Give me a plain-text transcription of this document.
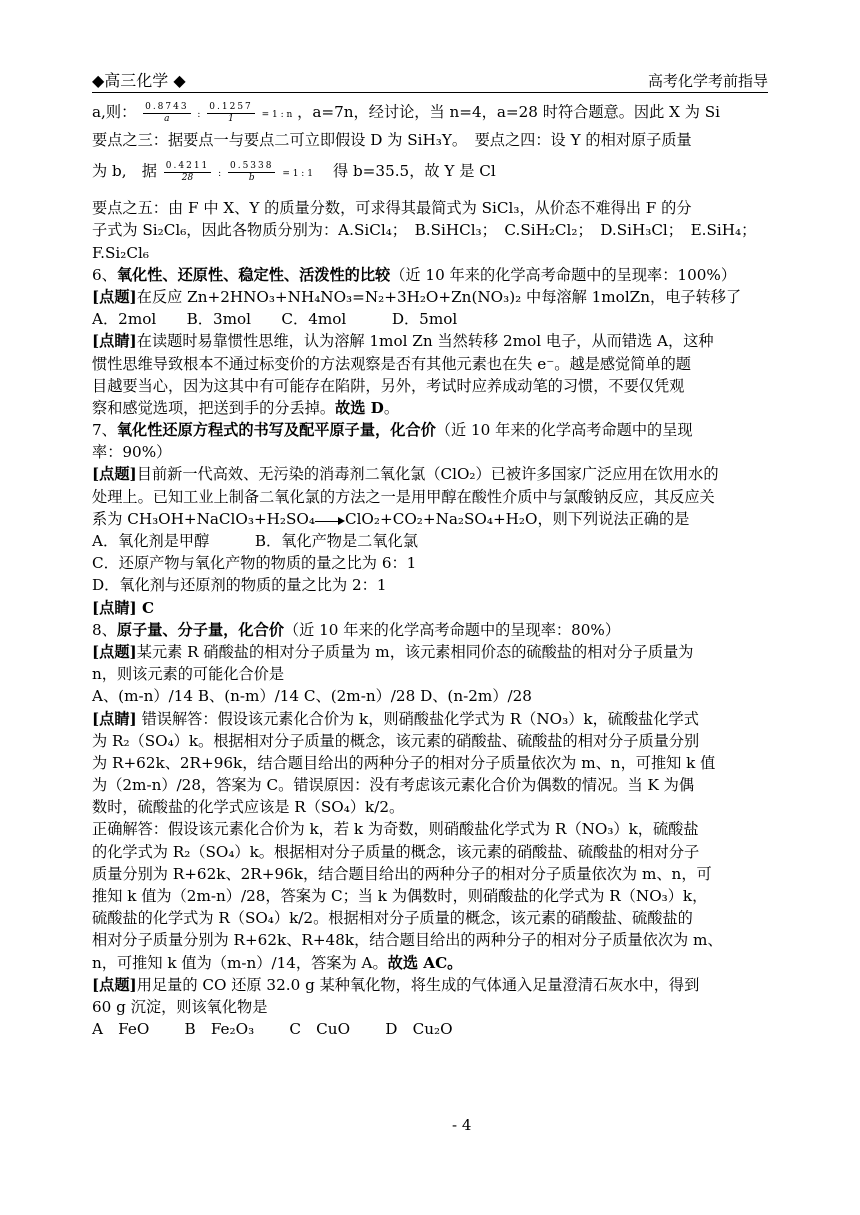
◆高三化学 ◆	高考化学考前指导
a,则： $\frac{0.8743}{a}$ : $\frac{0.1257}{1} = 1$ : n ，a=7n，经讨论，当 n=4，a=28 时符合题意。因此 X 为 Si
要点之三：据要点一与要点二可立即假设 D 为 SiH₃Y。　要点之四：设 Y 的相对原子质量
为 b,　据 $\frac{0.4211}{28}$ : $\frac{0.5338}{b} = 1$ : 1 　得 b=35.5，故 Y 是 Cl
要点之五：由 F 中 X、Y 的质量分数，可求得其最简式为 SiCl₃，从价态不难得出 F 的分
子式为 Si₂Cl₆，因此各物质分别为：A.SiCl₄；　B.SiHCl₃；　C.SiH₂Cl₂；　D.SiH₃Cl；　E.SiH₄；
F.Si₂Cl₆
6、氧化性、还原性、稳定性、活泼性的比较（近 10 年来的化学高考命题中的呈现率：100%）
[点题]在反应 Zn+2HNO₃+NH₄NO₃=N₂+3H₂O+Zn(NO₃)₂ 中每溶解 1molZn，电子转移了
A．2mol　　B．3mol　　C．4mol　　　D．5mol
[点睛]在读题时易靠惯性思维，认为溶解 1mol Zn 当然转移 2mol 电子，从而错选 A，这种
惯性思维导致根本不通过标变价的方法观察是否有其他元素也在失 e⁻。越是感觉简单的题
目越要当心，因为这其中有可能存在陷阱，另外，考试时应养成动笔的习惯，不要仅凭观
察和感觉选项，把送到手的分丢掉。故选 D。
7、氧化性还原方程式的书写及配平原子量，化合价（近 10 年来的化学高考命题中的呈现
率：90%）
[点题]目前新一代高效、无污染的消毒剂二氧化氯（ClO₂）已被许多国家广泛应用在饮用水的
处理上。已知工业上制备二氧化氯的方法之一是用甲醇在酸性介质中与氯酸钠反应，其反应关
系为 CH₃OH+NaClO₃+H₂SO₄ ClO₂+CO₂+Na₂SO₄+H₂O，则下列说法正确的是
A．氧化剂是甲醇　　　B．氧化产物是二氧化氯
C．还原产物与氧化产物的物质的量之比为 6：1
D．氧化剂与还原剂的物质的量之比为 2：1
[点睛] C
8、原子量、分子量，化合价（近 10 年来的化学高考命题中的呈现率：80%）
[点题]某元素 R 硝酸盐的相对分子质量为 m，该元素相同价态的硫酸盐的相对分子质量为
n，则该元素的可能化合价是
A、(m-n）/14 B、(n-m）/14 C、(2m-n）/28 D、(n-2m）/28
[点睛] 错误解答：假设该元素化合价为 k，则硝酸盐化学式为 R（NO₃）k，硫酸盐化学式
为 R₂（SO₄）k。根据相对分子质量的概念，该元素的硝酸盐、硫酸盐的相对分子质量分别
为 R+62k、2R+96k，结合题目给出的两种分子的相对分子质量依次为 m、n，可推知 k 值
为（2m-n）/28，答案为 C。错误原因：没有考虑该元素化合价为偶数的情况。当 K 为偶
数时，硫酸盐的化学式应该是 R（SO₄）k/2。
正确解答：假设该元素化合价为 k，若 k 为奇数，则硝酸盐化学式为 R（NO₃）k，硫酸盐
的化学式为 R₂（SO₄）k。根据相对分子质量的概念，该元素的硝酸盐、硫酸盐的相对分子
质量分别为 R+62k、2R+96k，结合题目给出的两种分子的相对分子质量依次为 m、n，可
推知 k 值为（2m-n）/28，答案为 C；当 k 为偶数时，则硝酸盐的化学式为 R（NO₃）k，
硫酸盐的化学式为 R（SO₄）k/2。根据相对分子质量的概念，该元素的硝酸盐、硫酸盐的
相对分子质量分别为 R+62k、R+48k，结合题目给出的两种分子的相对分子质量依次为 m、
n，可推知 k 值为（m-n）/14，答案为 A。故选 AC。
[点题]用足量的 CO 还原 32.0 g 某种氧化物，将生成的气体通入足量澄清石灰水中，得到
60 g 沉淀，则该氧化物是
A　FeO　　 B　Fe₂O₃　　 C　CuO　　 D　Cu₂O
- 4
